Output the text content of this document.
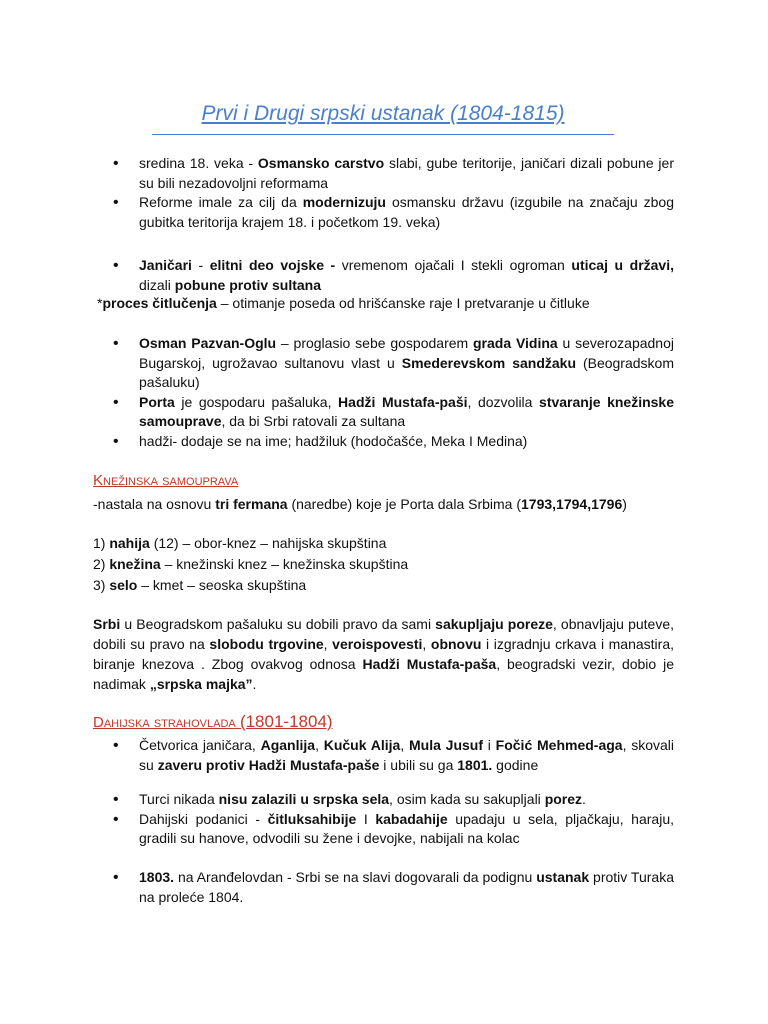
Prvi i Drugi srpski ustanak (1804-1815)
• sredina 18. veka - Osmansko carstvo slabi, gube teritorije, janičari dizali pobune jer su bili nezadovoljni reformama
• Reforme imale za cilj da modernizuju osmansku državu (izgubile na značaju zbog gubitka teritorija krajem 18. i početkom 19. veka)
• Janičari - elitni deo vojske - vremenom ojačali I stekli ogroman uticaj u državi, dizali pobune protiv sultana
*proces čitlučenja – otimanje poseda od hrišćanske raje I pretvaranje u čitluke
• Osman Pazvan-Oglu – proglasio sebe gospodarem grada Vidina u severozapadnoj Bugarskoj, ugrožavao sultanovu vlast u Smederevskom sandžaku (Beogradskom pašaluku)
• Porta je gospodaru pašaluka, Hadži Mustafa-paši, dozvolila stvaranje knežinske samouprave, da bi Srbi ratovali za sultana
• hadži- dodaje se na ime; hadžiluk (hodočašće, Meka I Medina)
Knežinska samouprava
-nastala na osnovu tri fermana (naredbe) koje je Porta dala Srbima (1793,1794,1796)
1) nahija (12) – obor-knez – nahijska skupština
2) knežina – knežinski knez – knežinska skupština
3) selo – kmet – seoska skupština
Srbi u Beogradskom pašaluku su dobili pravo da sami sakupljaju poreze, obnavljaju puteve, dobili su pravo na slobodu trgovine, veroispovesti, obnovu i izgradnju crkava i manastira, biranje knezova . Zbog ovakvog odnosa Hadži Mustafa-paša, beogradski vezir, dobio je nadimak „srpska majka”.
Dahijska strahovlada (1801-1804)
• Četvorica janičara, Aganlija, Kučuk Alija, Mula Jusuf i Fočić Mehmed-aga, skovali su zaveru protiv Hadži Mustafa-paše i ubili su ga 1801. godine
• Turci nikada nisu zalazili u srpska sela, osim kada su sakupljali porez.
• Dahijski podanici - čitluksahibije I kabadahije upadaju u sela, pljačkaju, haraju, gradili su hanove, odvodili su žene i devojke, nabijali na kolac
• 1803. na Aranđelovdan - Srbi se na slavi dogovarali da podignu ustanak protiv Turaka na proleće 1804.
